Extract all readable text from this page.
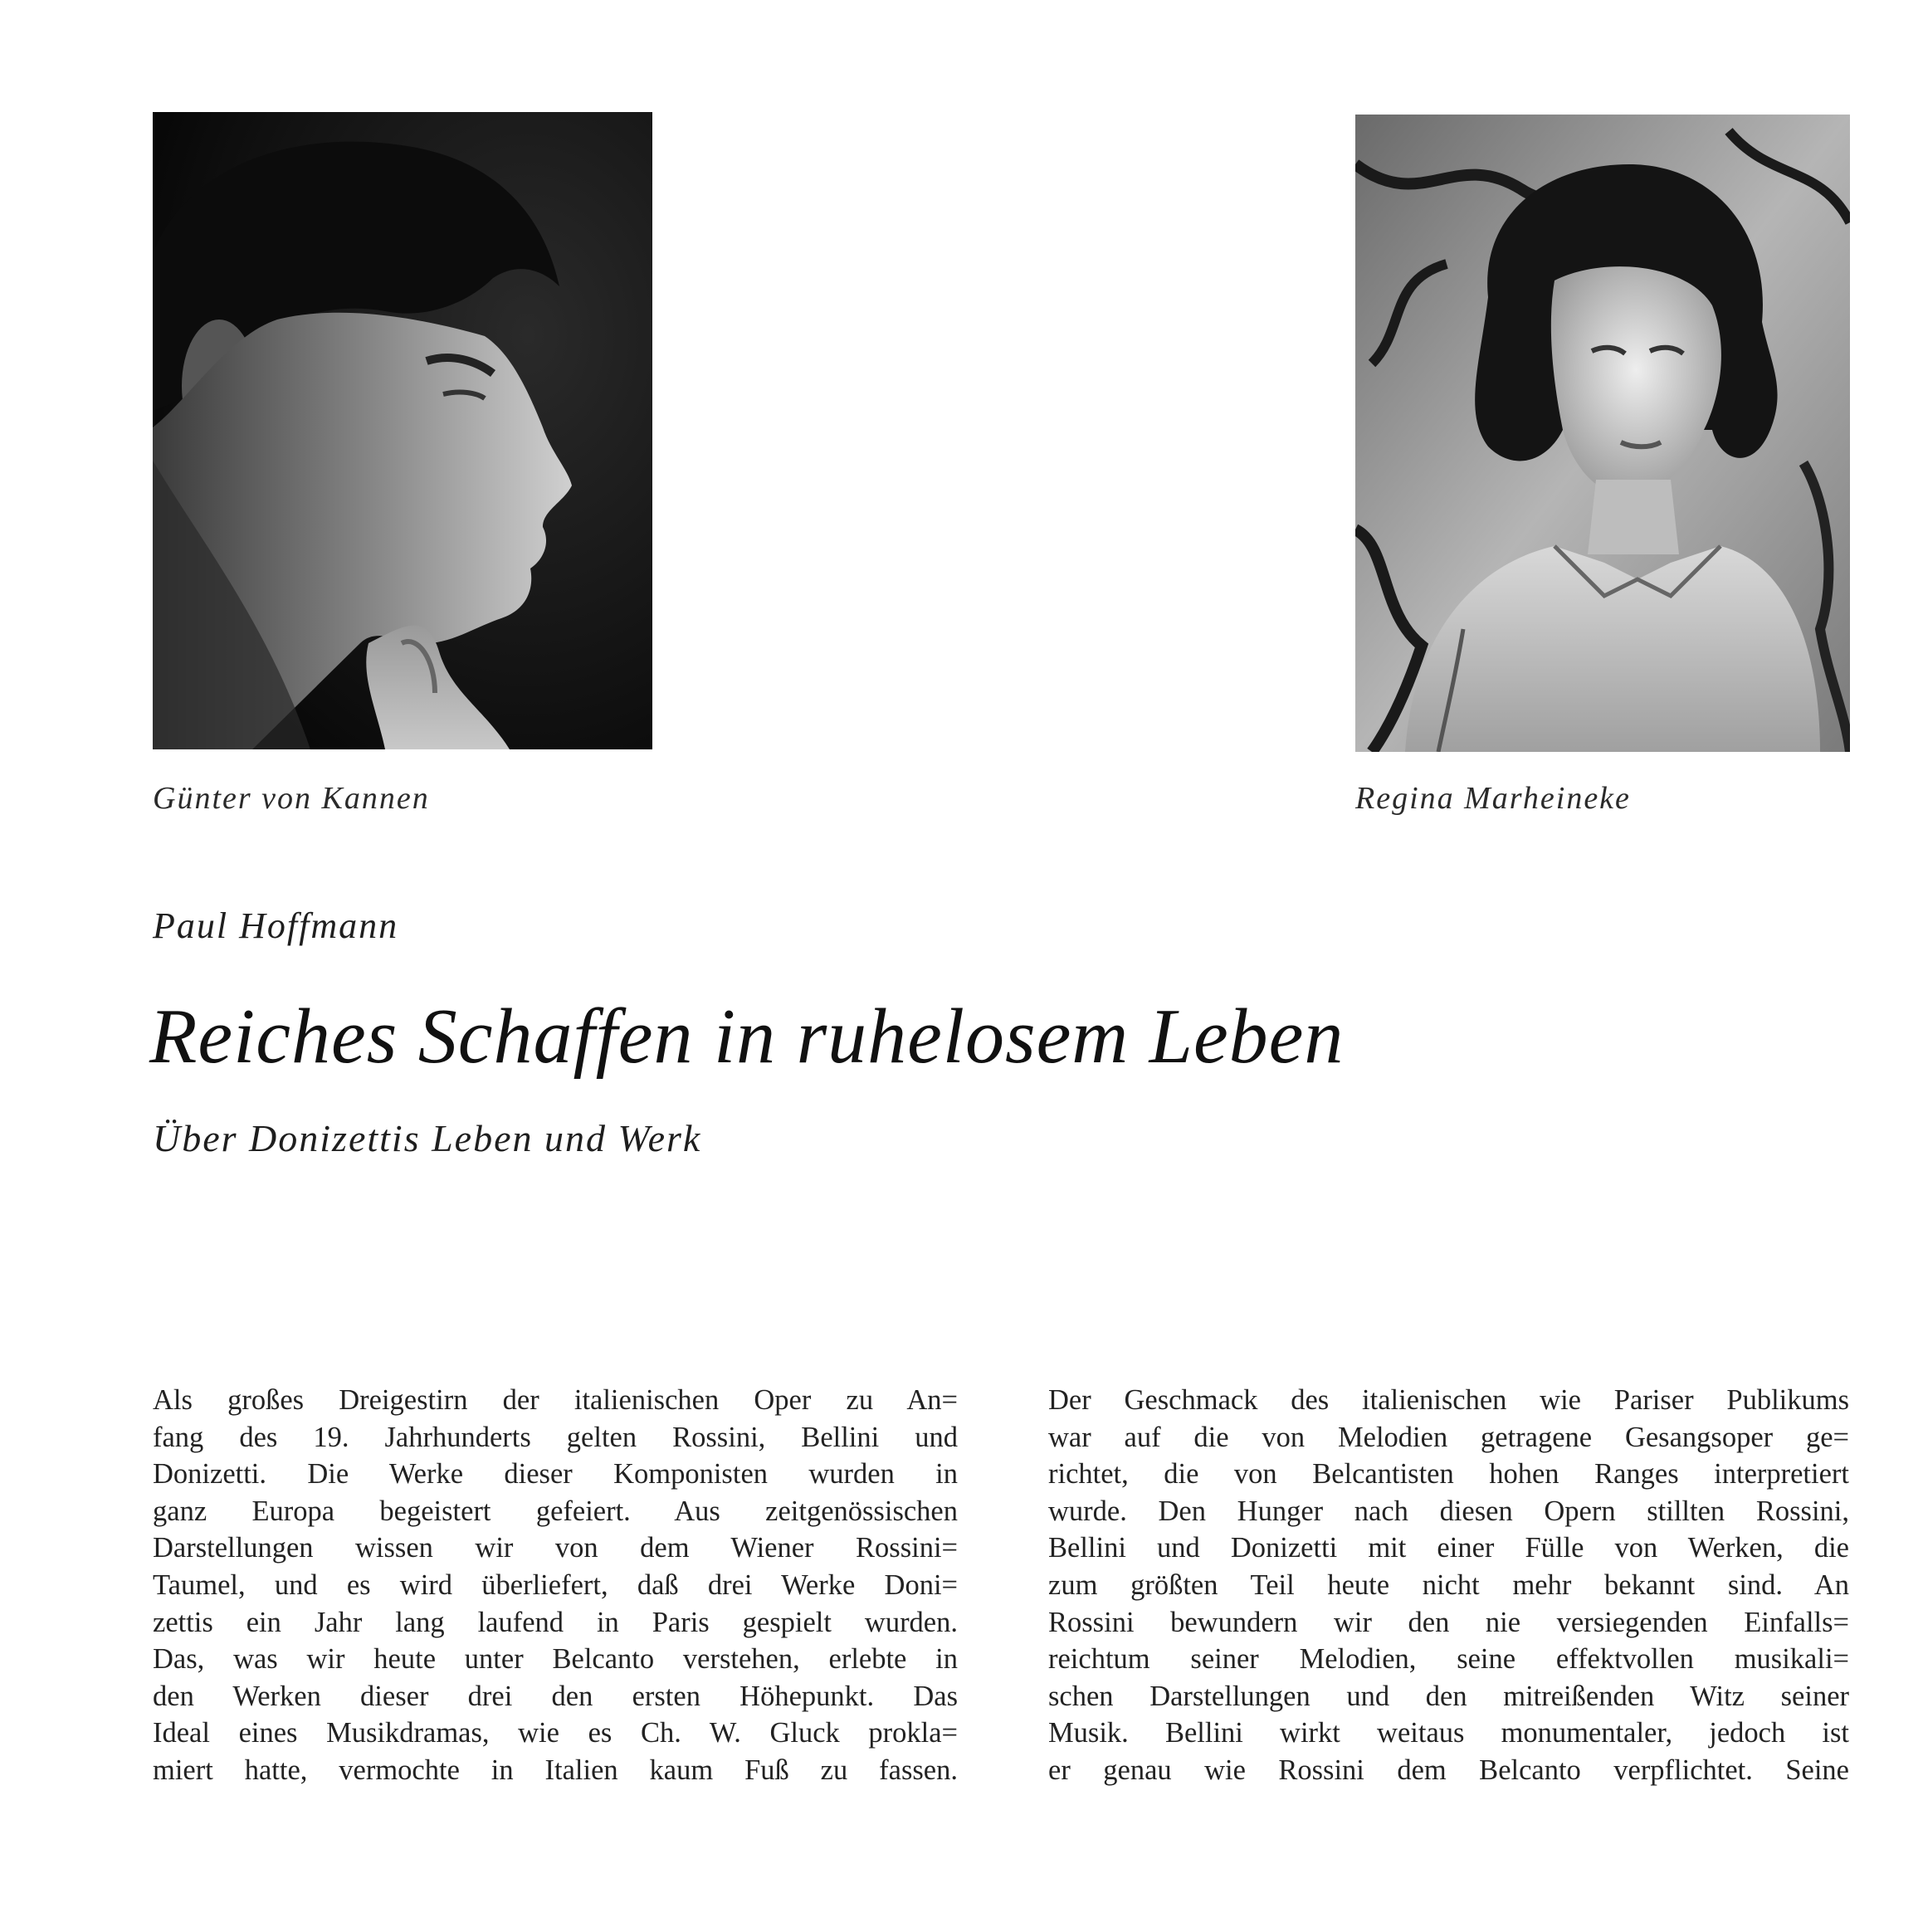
Günter von Kannen	Regina Marheineke
Paul Hoffmann
Reiches Schaffen in ruhelosem Leben
Über Donizettis Leben und Werk
Als großes Dreigestirn der italienischen Oper zu An=
fang des 19. Jahrhunderts gelten Rossini, Bellini und
Donizetti. Die Werke dieser Komponisten wurden in
ganz Europa begeistert gefeiert. Aus zeitgenössischen
Darstellungen wissen wir von dem Wiener Rossini=
Taumel, und es wird überliefert, daß drei Werke Doni=
zettis ein Jahr lang laufend in Paris gespielt wurden.
Das, was wir heute unter Belcanto verstehen, erlebte in
den Werken dieser drei den ersten Höhepunkt. Das
Ideal eines Musikdramas, wie es Ch. W. Gluck prokla=
miert hatte, vermochte in Italien kaum Fuß zu fassen.
Der Geschmack des italienischen wie Pariser Publikums
war auf die von Melodien getragene Gesangsoper ge=
richtet, die von Belcantisten hohen Ranges interpretiert
wurde. Den Hunger nach diesen Opern stillten Rossini,
Bellini und Donizetti mit einer Fülle von Werken, die
zum größten Teil heute nicht mehr bekannt sind. An
Rossini bewundern wir den nie versiegenden Einfalls=
reichtum seiner Melodien, seine effektvollen musikali=
schen Darstellungen und den mitreißenden Witz seiner
Musik. Bellini wirkt weitaus monumentaler, jedoch ist
er genau wie Rossini dem Belcanto verpflichtet. Seine
